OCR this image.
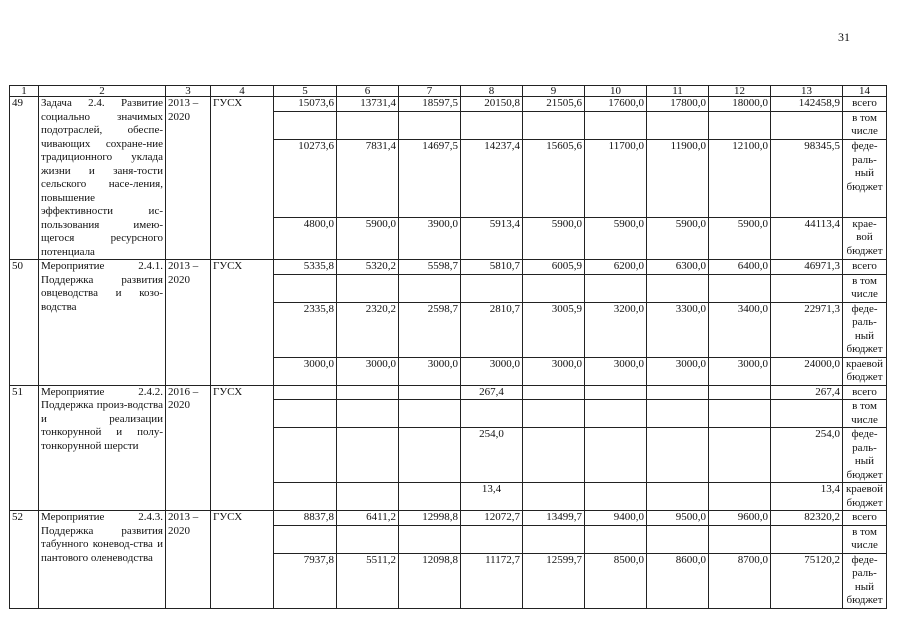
31
1	2	3	4	5	6	7	8	9	10	11	12	13	14
49	Задача 2.4. Развитие социально значимых подотраслей, обеспе-чивающих сохране-ние традиционного уклада жизни и заня-тости сельского насе-ления, повышение эффективности ис-пользования имею-щегося ресурсного потенциала	2013 – 2020	ГУСХ	15073,6	13731,4	18597,5	20150,8	21505,6	17600,0	17800,0	18000,0	142458,9	всего
													в том числе
				10273,6	7831,4	14697,5	14237,4	15605,6	11700,0	11900,0	12100,0	98345,5	феде-раль-ный бюджет
				4800,0	5900,0	3900,0	5913,4	5900,0	5900,0	5900,0	5900,0	44113,4	крае-вой бюджет
50	Мероприятие 2.4.1. Поддержка развития овцеводства и козо-водства	2013 – 2020	ГУСХ	5335,8	5320,2	5598,7	5810,7	6005,9	6200,0	6300,0	6400,0	46971,3	всего
													в том числе
				2335,8	2320,2	2598,7	2810,7	3005,9	3200,0	3300,0	3400,0	22971,3	феде-раль-ный бюджет
				3000,0	3000,0	3000,0	3000,0	3000,0	3000,0	3000,0	3000,0	24000,0	краевой бюджет
51	Мероприятие 2.4.2. Поддержка произ-водства и реализации тонкорунной и полу-тонкорунной шерсти	2016 – 2020	ГУСХ				267,4					267,4	всего
													в том числе
							254,0					254,0	феде-раль-ный бюджет
							13,4					13,4	краевой бюджет
52	Мероприятие 2.4.3. Поддержка развития табунного коневод-ства и пантового оленеводства	2013 – 2020	ГУСХ	8837,8	6411,2	12998,8	12072,7	13499,7	9400,0	9500,0	9600,0	82320,2	всего
													в том числе
				7937,8	5511,2	12098,8	11172,7	12599,7	8500,0	8600,0	8700,0	75120,2	феде-раль-ный бюджет
